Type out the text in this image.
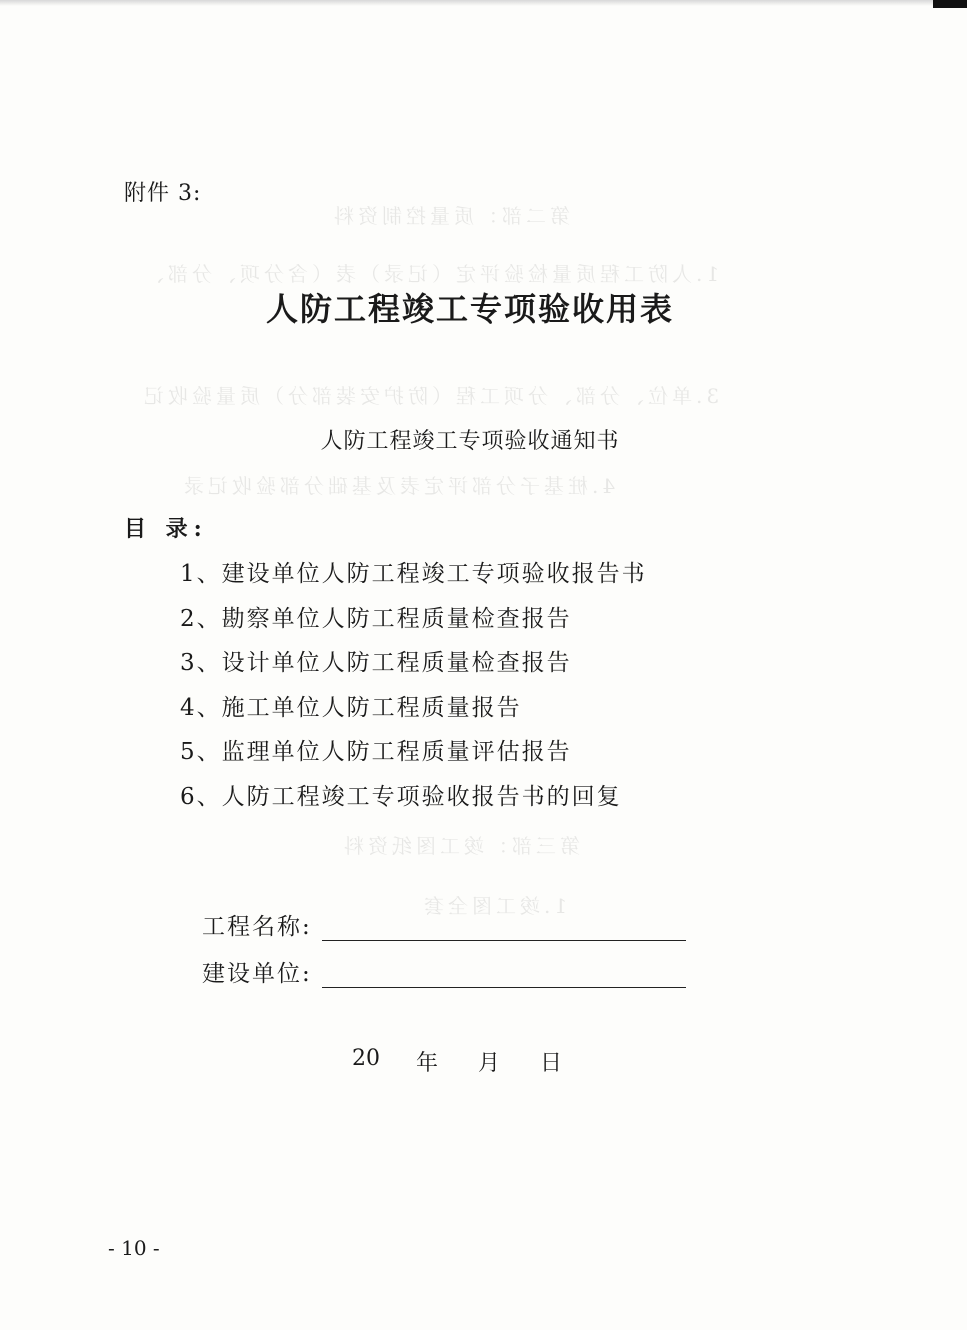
第二部：质量控制资料
1.人防工程质量检验评定（记录）表（含分项、分部、
3.单位、分部、分项工程（防护安装部分）质量验收记
4.桩基子分部评定表及基础分部验收记录
第三部：竣工图纸资料
1.竣工图全套
附件 3:
人防工程竣工专项验收用表
人防工程竣工专项验收通知书
目 录:
1、建设单位人防工程竣工专项验收报告书
2、勘察单位人防工程质量检查报告
3、设计单位人防工程质量检查报告
4、施工单位人防工程质量报告
5、监理单位人防工程质量评估报告
6、人防工程竣工专项验收报告书的回复
工程名称:
建设单位:
20	年	月	日
- 10 -
